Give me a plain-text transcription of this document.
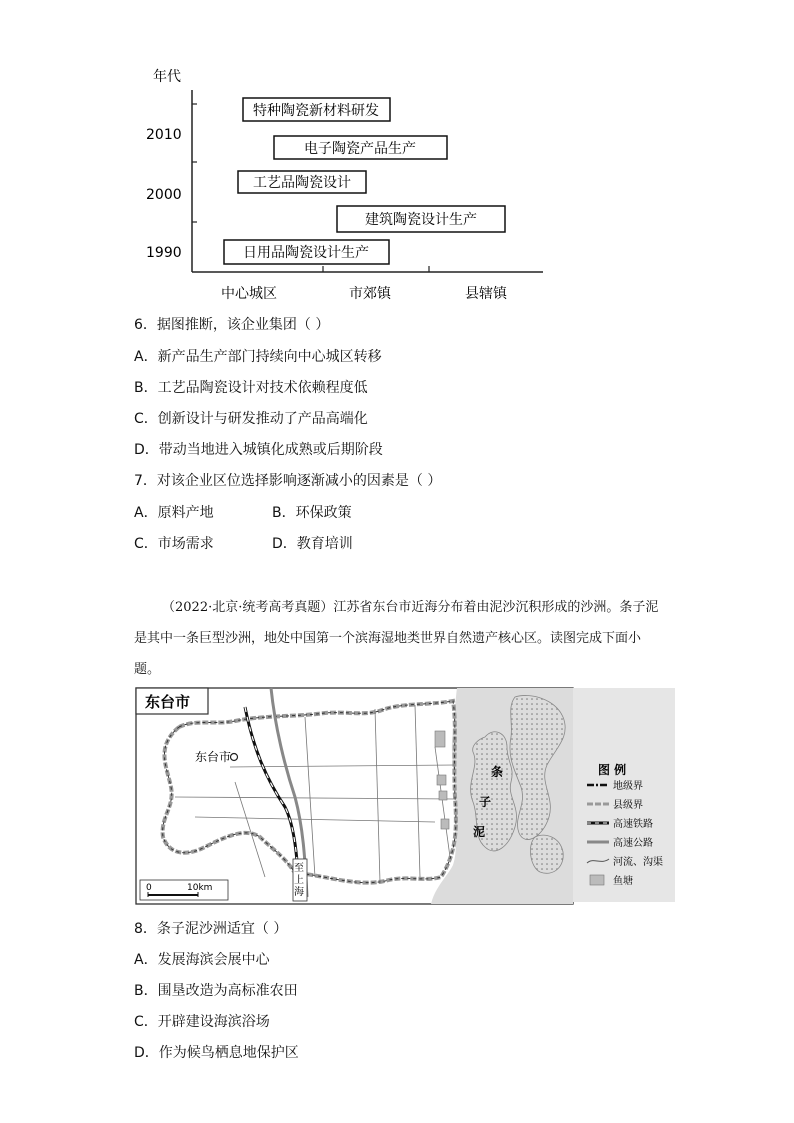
年代
2010
2000
1990
中心城区	市郊镇	县辖镇
特种陶瓷新材料研发
电子陶瓷产品生产
工艺品陶瓷设计
建筑陶瓷设计生产
日用品陶瓷设计生产
6．据图推断，该企业集团（ ）
A．新产品生产部门持续向中心城区转移
B．工艺品陶瓷设计对技术依赖程度低
C．创新设计与研发推动了产品高端化
D．带动当地进入城镇化成熟或后期阶段
7．对该企业区位选择影响逐渐减小的因素是（ ）
A．原料产地	B．环保政策
C．市场需求	D．教育培训
（2022·北京·统考高考真题）江苏省东台市近海分布着由泥沙沉积形成的沙洲。条子泥是其中一条巨型沙洲，地处中国第一个滨海湿地类世界自然遗产核心区。读图完成下面小题。
东台市
东台市
条
子
泥
至
上
海
0	10km
图 例
地级界
县级界
高速铁路
高速公路
河流、沟渠
鱼塘
8．条子泥沙洲适宜（ ）
A．发展海滨会展中心
B．围垦改造为高标准农田
C．开辟建设海滨浴场
D．作为候鸟栖息地保护区
